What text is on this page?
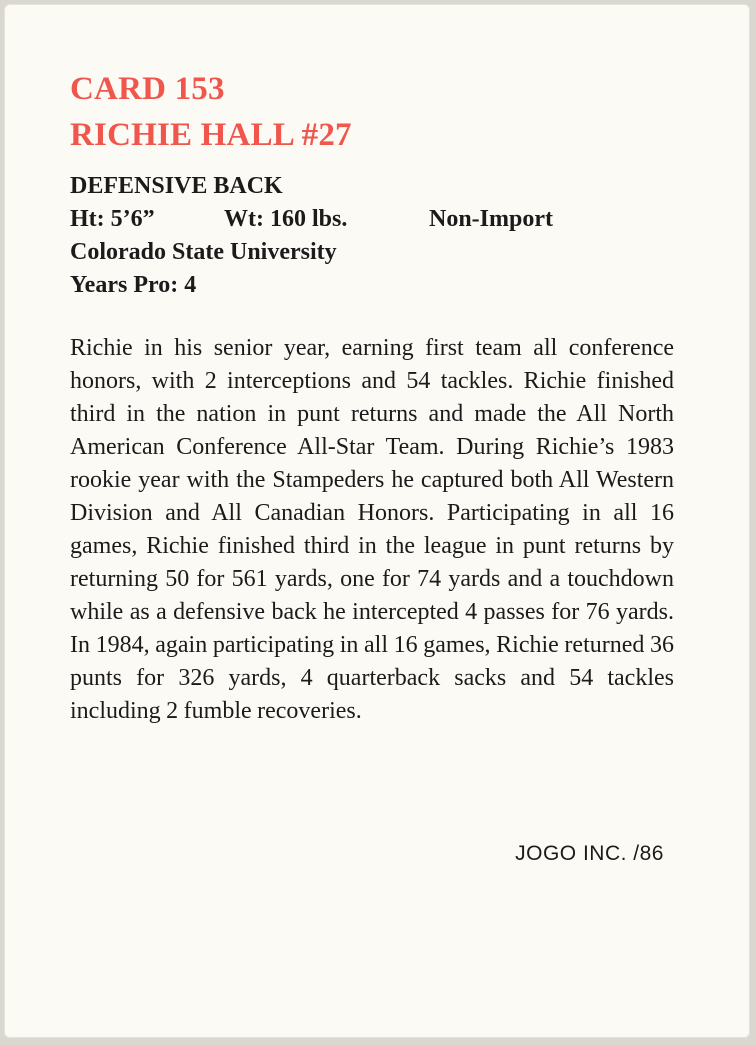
CARD 153
RICHIE HALL #27
DEFENSIVE BACK
Ht: 5’6”	Wt: 160 lbs.	Non-Import
Colorado State University
Years Pro: 4

Richie in his senior year, earning first team all conference honors, with 2 interceptions and 54 tackles. Richie finished third in the nation in punt returns and made the All North American Conference All-Star Team. During Richie’s 1983 rookie year with the Stampeders he captured both All Western Division and All Canadian Honors. Participating in all 16 games, Richie finished third in the league in punt returns by returning 50 for 561 yards, one for 74 yards and a touchdown while as a defensive back he intercepted 4 passes for 76 yards. In 1984, again participating in all 16 games, Richie returned 36 punts for 326 yards, 4 quarterback sacks and 54 tackles including 2 fumble recoveries.

JOGO INC. /86
